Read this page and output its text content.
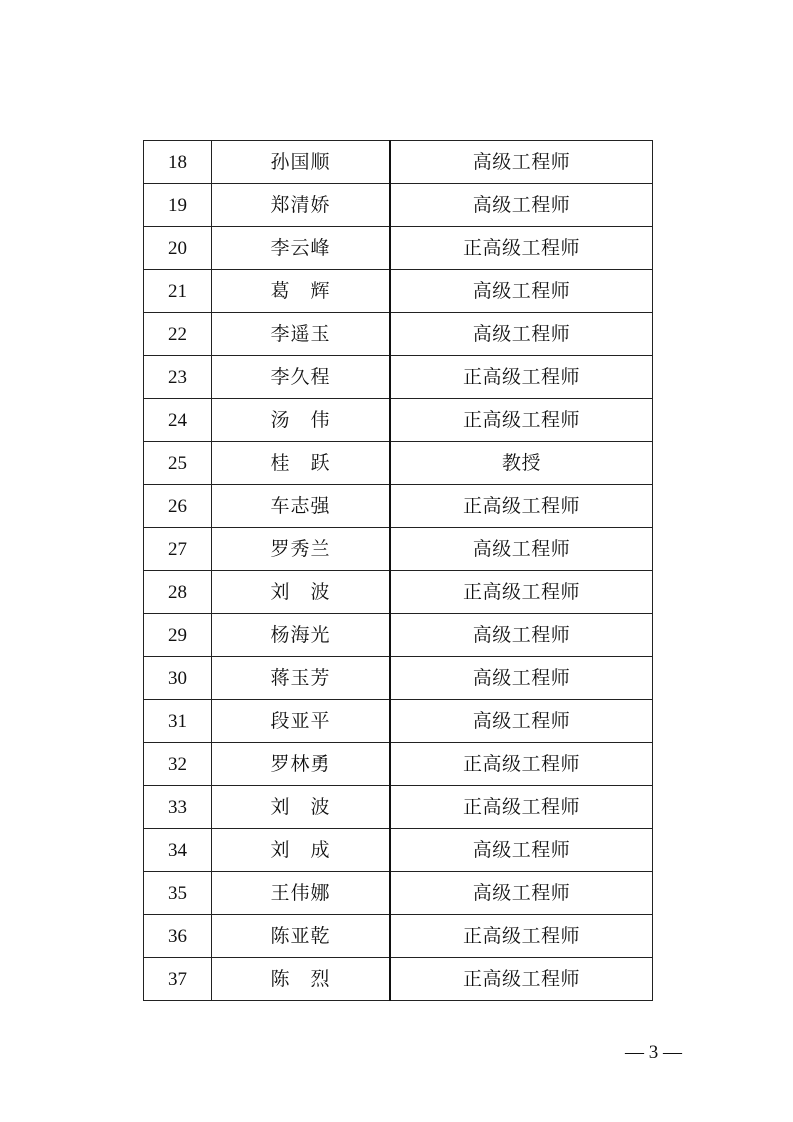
18	孙国顺	高级工程师
19	郑清娇	高级工程师
20	李云峰	正高级工程师
21	葛　辉	高级工程师
22	李遥玉	高级工程师
23	李久程	正高级工程师
24	汤　伟	正高级工程师
25	桂　跃	教授
26	车志强	正高级工程师
27	罗秀兰	高级工程师
28	刘　波	正高级工程师
29	杨海光	高级工程师
30	蒋玉芳	高级工程师
31	段亚平	高级工程师
32	罗林勇	正高级工程师
33	刘　波	正高级工程师
34	刘　成	高级工程师
35	王伟娜	高级工程师
36	陈亚乾	正高级工程师
37	陈　烈	正高级工程师
— 3 —
